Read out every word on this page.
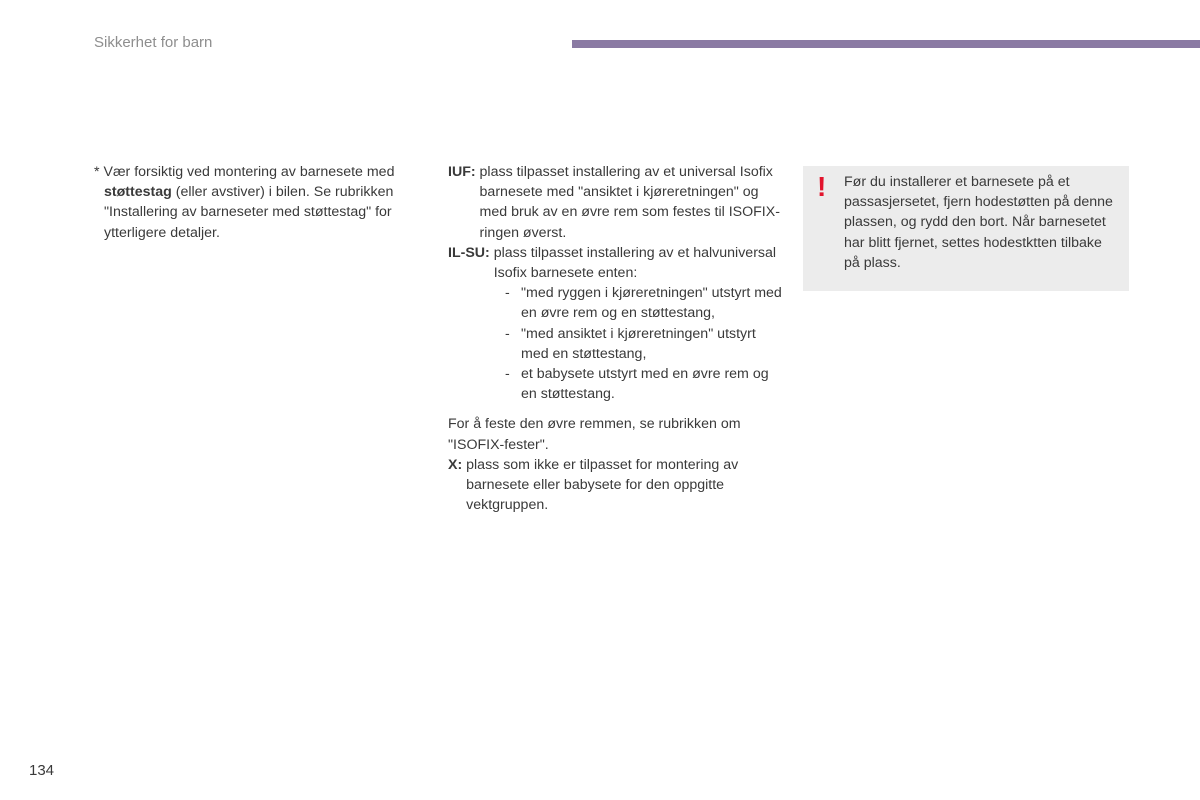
Sikkerhet for barn

* Vær forsiktig ved montering av barnesete med støttestag (eller avstiver) i bilen. Se rubrikken "Installering av barneseter med støttestag" for ytterligere detaljer.

IUF: plass tilpasset installering av et universal Isofix barnesete med "ansiktet i kjøreretningen" og med bruk av en øvre rem som festes til ISOFIX-ringen øverst.
IL-SU: plass tilpasset installering av et halvuniversal Isofix barnesete enten:
- "med ryggen i kjøreretningen" utstyrt med en øvre rem og en støttestang,
- "med ansiktet i kjøreretningen" utstyrt med en støttestang,
- et babysete utstyrt med en øvre rem og en støttestang.

For å feste den øvre remmen, se rubrikken om "ISOFIX-fester".

X: plass som ikke er tilpasset for montering av barnesete eller babysete for den oppgitte vektgruppen.
! Før du installerer et barnesete på et passasjersetet, fjern hodestøtten på denne plassen, og rydd den bort. Når barnesetet har blitt fjernet, settes hodestktten tilbake på plass.
134
